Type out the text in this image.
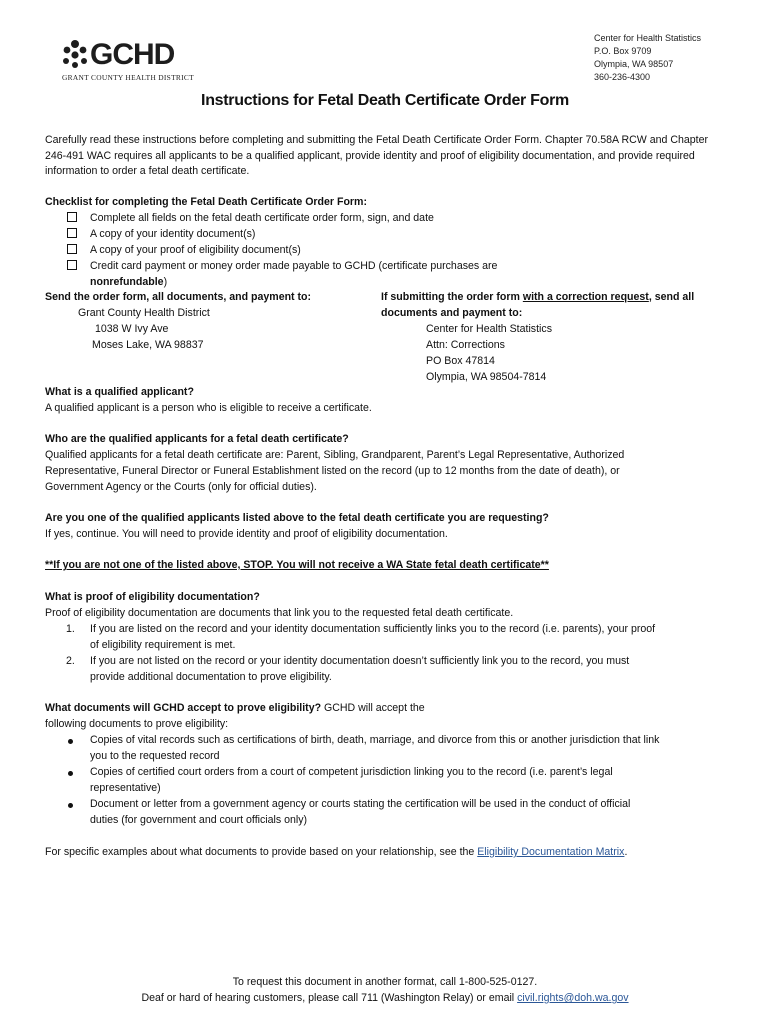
GCHD
GRANT COUNTY HEALTH DISTRICT
Center for Health Statistics
P.O. Box 9709
Olympia, WA 98507
360-236-4300
Instructions for Fetal Death Certificate Order Form
Carefully read these instructions before completing and submitting the Fetal Death Certificate Order Form. Chapter 70.58A RCW and Chapter 246-491 WAC requires all applicants to be a qualified applicant, provide identity and proof of eligibility documentation, and provide required information to order a fetal death certificate.
Checklist for completing the Fetal Death Certificate Order Form:
Complete all fields on the fetal death certificate order form, sign, and date
A copy of your identity document(s)
A copy of your proof of eligibility document(s)
Credit card payment or money order made payable to GCHD (certificate purchases are
nonrefundable)
Send the order form, all documents, and payment to:
Grant County Health District
1038 W Ivy Ave
Moses Lake, WA 98837
If submitting the order form with a correction request, send all
documents and payment to:
Center for Health Statistics
Attn: Corrections
PO Box 47814
Olympia, WA 98504-7814
What is a qualified applicant?
A qualified applicant is a person who is eligible to receive a certificate.
Who are the qualified applicants for a fetal death certificate?
Qualified applicants for a fetal death certificate are: Parent, Sibling, Grandparent, Parent’s Legal Representative, Authorized
Representative, Funeral Director or Funeral Establishment listed on the record (up to 12 months from the date of death), or
Government Agency or the Courts (only for official duties).
Are you one of the qualified applicants listed above to the fetal death certificate you are requesting?
If yes, continue. You will need to provide identity and proof of eligibility documentation.
**If you are not one of the listed above, STOP. You will not receive a WA State fetal death certificate**
What is proof of eligibility documentation?
Proof of eligibility documentation are documents that link you to the requested fetal death certificate.
1. If you are listed on the record and your identity documentation sufficiently links you to the record (i.e. parents), your proof
of eligibility requirement is met.
2. If you are not listed on the record or your identity documentation doesn’t sufficiently link you to the record, you must
provide additional documentation to prove eligibility.
What documents will GCHD accept to prove eligibility? GCHD will accept the
following documents to prove eligibility:
Copies of vital records such as certifications of birth, death, marriage, and divorce from this or another jurisdiction that link
you to the requested record
Copies of certified court orders from a court of competent jurisdiction linking you to the record (i.e. parent’s legal
representative)
Document or letter from a government agency or courts stating the certification will be used in the conduct of official
duties (for government and court officials only)
For specific examples about what documents to provide based on your relationship, see the Eligibility Documentation Matrix.
To request this document in another format, call 1-800-525-0127.
Deaf or hard of hearing customers, please call 711 (Washington Relay) or email civil.rights@doh.wa.gov
